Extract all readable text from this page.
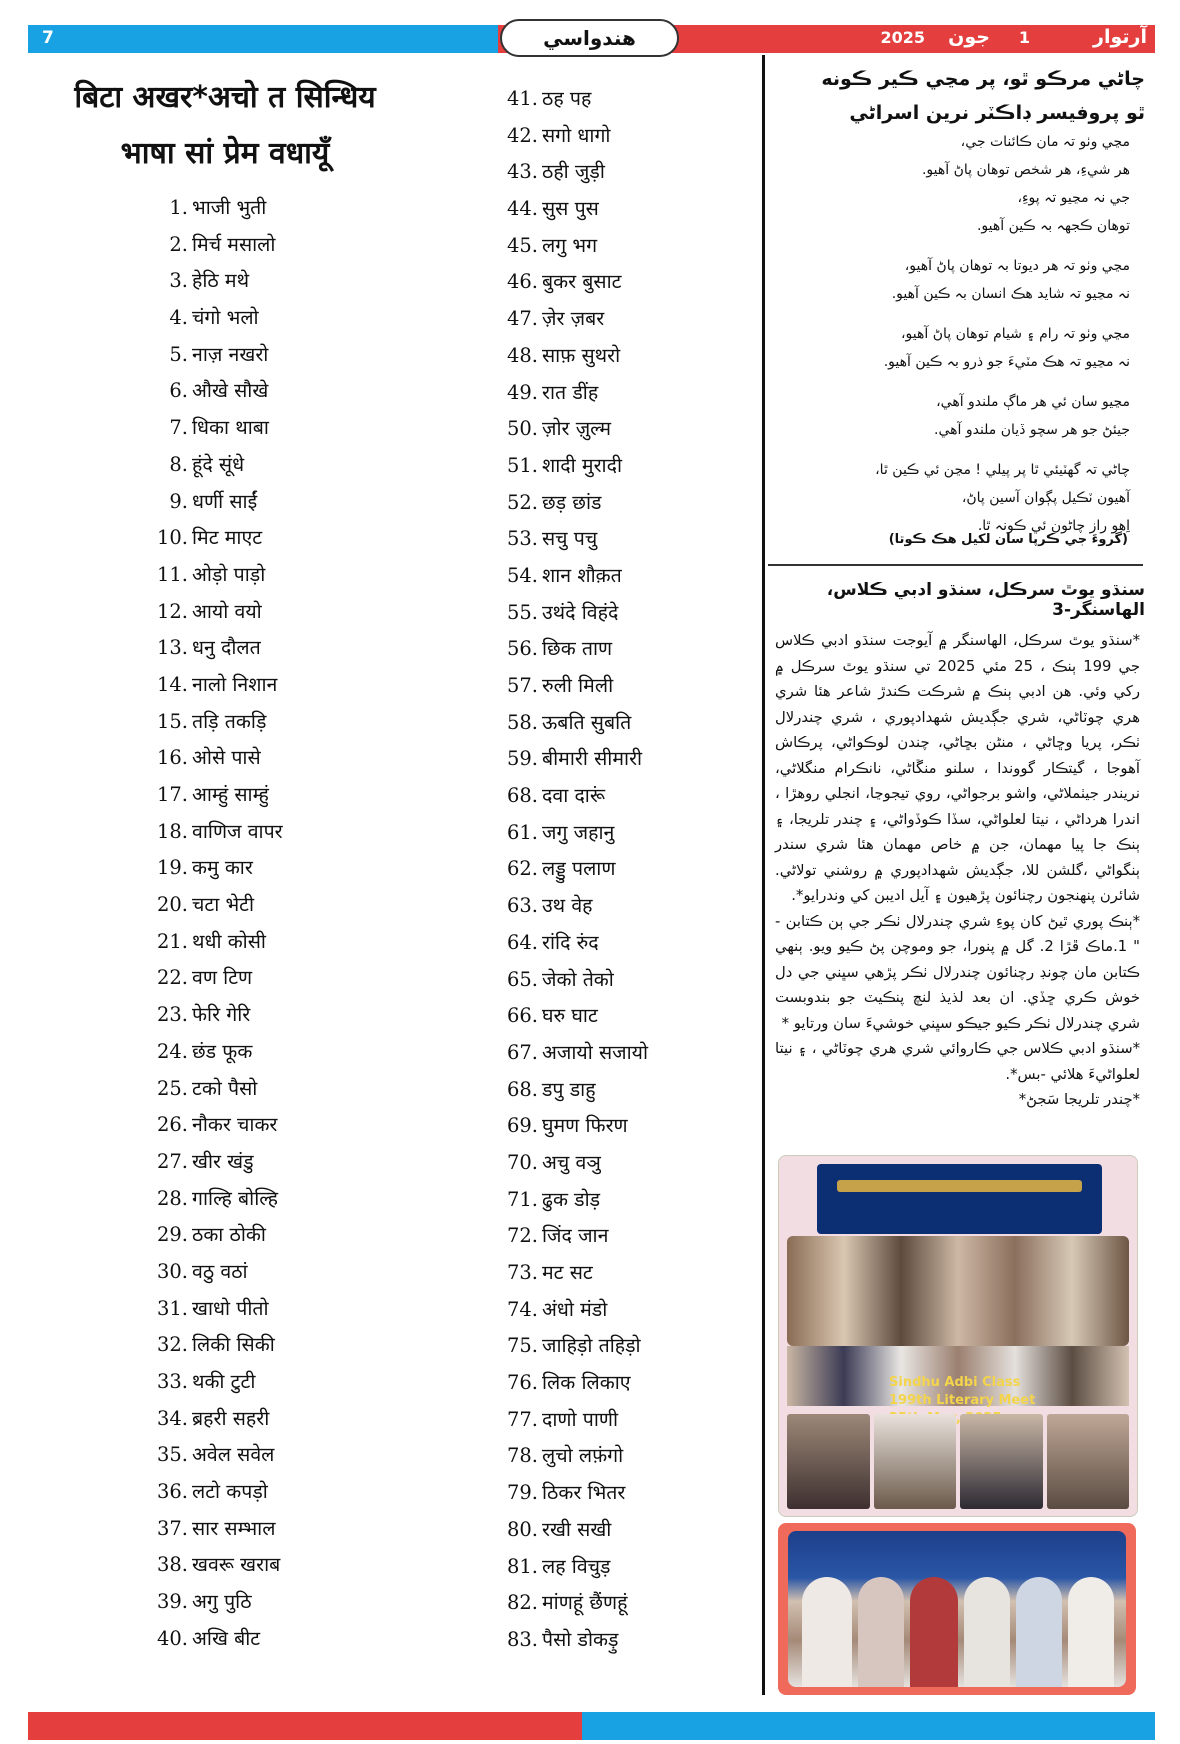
7	آرتوار
1
جون
2025
هندواسي
बिटा अखर*अचो त सिन्धिय
भाषा सां प्रेम वधायूँ
1. भाजी भुती
2. मिर्च मसालो
3. हेठि मथे
4. चंगो भलो
5. नाज़ नखरो
6. औखे सौखे
7. धिका थाबा
8. हूंदे सूंधे
9. धर्णी साईं
10. मिट माएट
11. ओड़ो पाड़ो
12. आयो वयो
13. धनु दौलत
14. नालो निशान
15. तड़ि तकड़ि
16. ओसे पासे
17. आम्हुं साम्हुं
18. वाणिज वापर
19. कमु कार
20. चटा भेटी
21. थधी कोसी
22. वण टिण
23. फेरि गेरि
24. छंड फूक
25. टको पैसो
26. नौकर चाकर
27. खीर खंडु
28. गाल्हि बोल्हि
29. ठका ठोकी
30. वठु वठां
31. खाधो पीतो
32. लिकी सिकी
33. थकी टुटी
34. ब्रहरी सहरी
35. अवेल सवेल
36. लटो कपड़ो
37. सार सम्भाल
38. खवरू खराब
39. अगु पुठि
40. अखि बीट
41. ठह पह
42. सगो धागो
43. ठही जुड़ी
44. सुस पुस
45. लगु भग
46. बुकर बुसाट
47. ज़ेर ज़बर
48. साफ़ सुथरो
49. रात डींह
50. ज़ोर ज़ुल्म
51. शादी मुरादी
52. छड़ छांड
53. सचु पचु
54. शान शौक़त
55. उथंदे विहंदे
56. छिक ताण
57. रुली मिली
58. ऊबति सुबति
59. बीमारी सीमारी
68. दवा दारूं
61. जगु जहानु
62. लड्डु पलाण
63. उथ वेह
64. रांदि रुंद
65. जेको तेको
66. घरु घाट
67. अजायो सजायो
68. डपु डाहु
69. घुमण फिरण
70. अचु वञु
71. ढुक डोड़
72. जिंद जान
73. मट सट
74. अंधो मंडो
75. जाहिड़ो तहिड़ो
76. लिक लिकाए
77. दाणो पाणी
78. लुचो लफ़ंगो
79. ठिकर भितर
80. रखी सखी
81. लह विचुड़
82. मांणहूं छैंणहूं
83. पैसो डोकड़ु
چاڻي مرڪو ٿو، پر مڃي ڪير ڪونه
ٿو پروفيسر ڊاڪٽر نرين اسراڻي
مڃي وٺو تہ مان ڪائنات جي،
هر شيءِ، هر شخص توهان پاڻ آهيو.
جي نہ مڃيو تہ پوءِ،
توهان ڪجهہ بہ ڪين آهيو.
مڃي وٺو تہ هر ديوتا بہ توهان پاڻ آهيو،
نہ مڃيو تہ شايد هڪ انسان بہ ڪين آهيو.
مڃي وٺو تہ رام ۽ شيام توهان پاڻ آهيو،
نہ مڃيو تہ هڪ مٽيءَ جو ذرو بہ ڪين آهيو.
مڃيو سان ئي هر ماڳ ملندو آهي،
جيئڻ جو هر سچو ڏيان ملندو آهي.
چاڻي تہ گهٽيئي ٿا پر پيلي ! مڃن ئي ڪين ٿا،
آهيون ٽڪيل پڳوان آسين پاڻ،
اِهو راز چاڻون ئي ڪونہ ٿا.
(گروءَ جي ڪرپا سان لکيل هڪ ڪوتا)
سنڌو يوٿ سرڪل، سنڌو ادبي ڪلاس، الهاسنگر-3

*سنڌو يوٿ سرڪل، الهاسنگر ۾ آيوجت سنڌو ادبي ڪلاس جي 199 ٻنڪ ، 25 مئي 2025 تي سنڌو يوٿ سرڪل ۾ رکي وئي. هن ادبي ٻنڪ ۾ شرڪت ڪندڙ شاعر هئا شري هري چوٽاڻي، شري جڳديش شهدادپوري ، شري چندرلال ٺڪر، پريا وڇاڻي ، منڻن بڇاڻي، چندن لوڪواڻي، پرڪاش آهوجا ، گيتڪار گووندا ، سلنو منڱاڻي، نانڪرام منگلاڻي، نريندر جيٺملاڻي، واشو برجواڻي، روي تيجوڃا، انجلي روهڙا ، اندرا هرداڻي ، نيتا لعلواڻي، سڏا ڪوڏواڻي، ۽ چندر تلريجا، ۽ ٻنڪ جا پيا مهمان، جن ۾ خاص مهمان هئا شري سندر ٻنگواڻي ،گلشن للا، جڳديش شهدادپوري ۾ روشني تولاڻي. شائرن پنهنجون رچنائون پڙهيون ۽ آيل اديبن کي وندرايو*.

*ٻنڪ پوري ٿيڻ کان پوءِ شري چندرلال ٺڪر جي ٻن ڪتابن - " 1.ماڪ ڦڙا 2. گل ۾ پنورا، جو وموچن پڻ ڪيو ويو. ٻنهي ڪتابن مان چونڊ رچنائون چندرلال ٺڪر پڙهي سڀني جي دل خوش ڪري ڇڏي. ان بعد لذيذ لنچ پنڪيٽ جو بندوبست شري چندرلال ٺڪر ڪيو جيڪو سڀني خوشيءَ سان ورتايو *

*سنڌو ادبي ڪلاس جي ڪاروائي شري هري چوٽاڻي ، ۽ نيتا لعلواڻيءَ هلائي -بس*.

*چندر تلريجا سَجڻ*

Sindhu Adbi Class 199th Literary Meet
